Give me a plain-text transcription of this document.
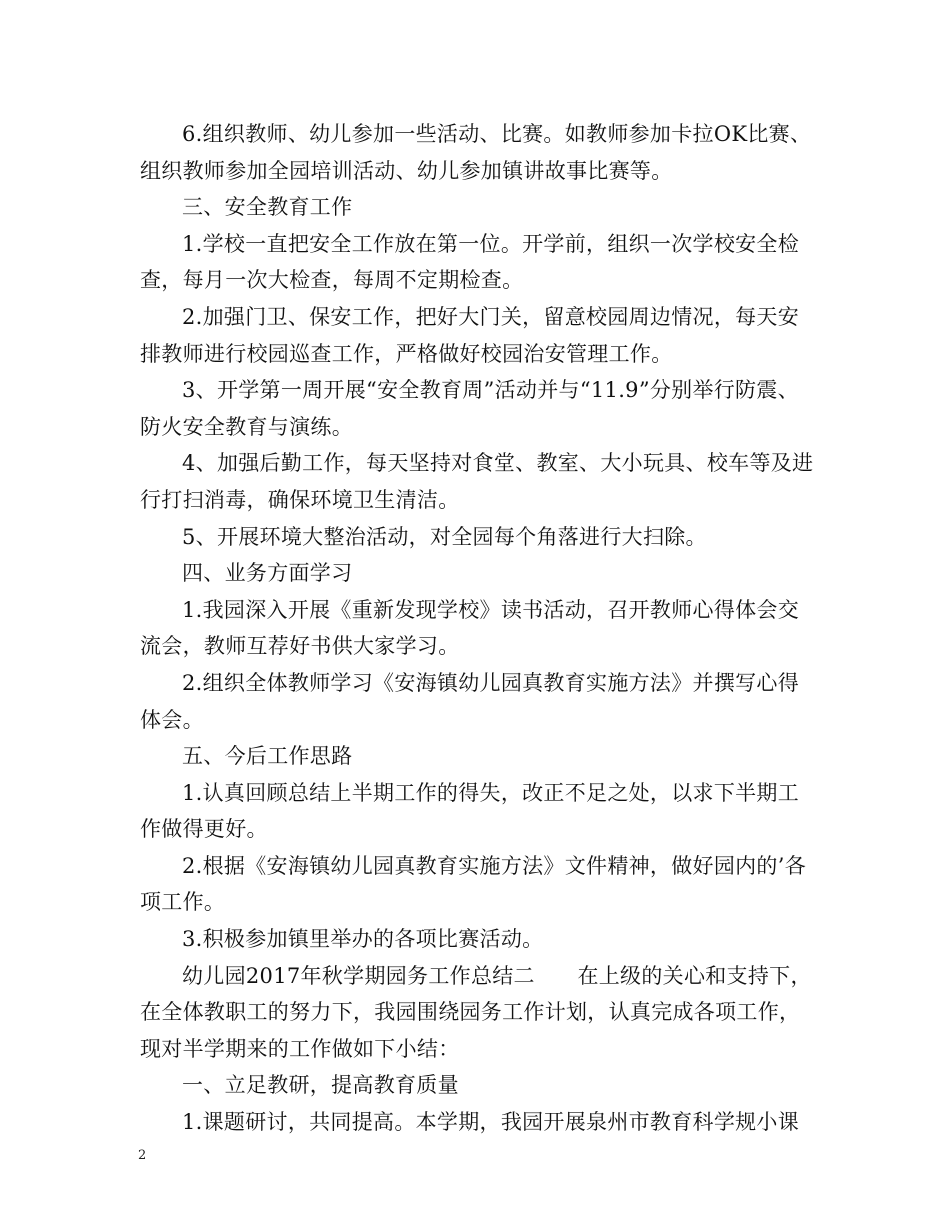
6.组织教师、幼儿参加一些活动、比赛。如教师参加卡拉OK比赛、组织教师参加全园培训活动、幼儿参加镇讲故事比赛等。

三、安全教育工作

1.学校一直把安全工作放在第一位。开学前，组织一次学校安全检查，每月一次大检查，每周不定期检查。

2.加强门卫、保安工作，把好大门关，留意校园周边情况，每天安排教师进行校园巡查工作，严格做好校园治安管理工作。

3、开学第一周开展“安全教育周”活动并与“11.9”分别举行防震、防火安全教育与演练。

4、加强后勤工作，每天坚持对食堂、教室、大小玩具、校车等及进行打扫消毒，确保环境卫生清洁。

5、开展环境大整治活动，对全园每个角落进行大扫除。

四、业务方面学习

1.我园深入开展《重新发现学校》读书活动，召开教师心得体会交流会，教师互荐好书供大家学习。

2.组织全体教师学习《安海镇幼儿园真教育实施方法》并撰写心得体会。

五、今后工作思路

1.认真回顾总结上半期工作的得失，改正不足之处，以求下半期工作做得更好。

2.根据《安海镇幼儿园真教育实施方法》文件精神，做好园内的’各项工作。

3.积极参加镇里举办的各项比赛活动。

幼儿园2017年秋学期园务工作总结二　　在上级的关心和支持下，在全体教职工的努力下，我园围绕园务工作计划，认真完成各项工作，现对半学期来的工作做如下小结：

一、立足教研，提高教育质量

1.课题研讨，共同提高。本学期，我园开展泉州市教育科学规小课

2
